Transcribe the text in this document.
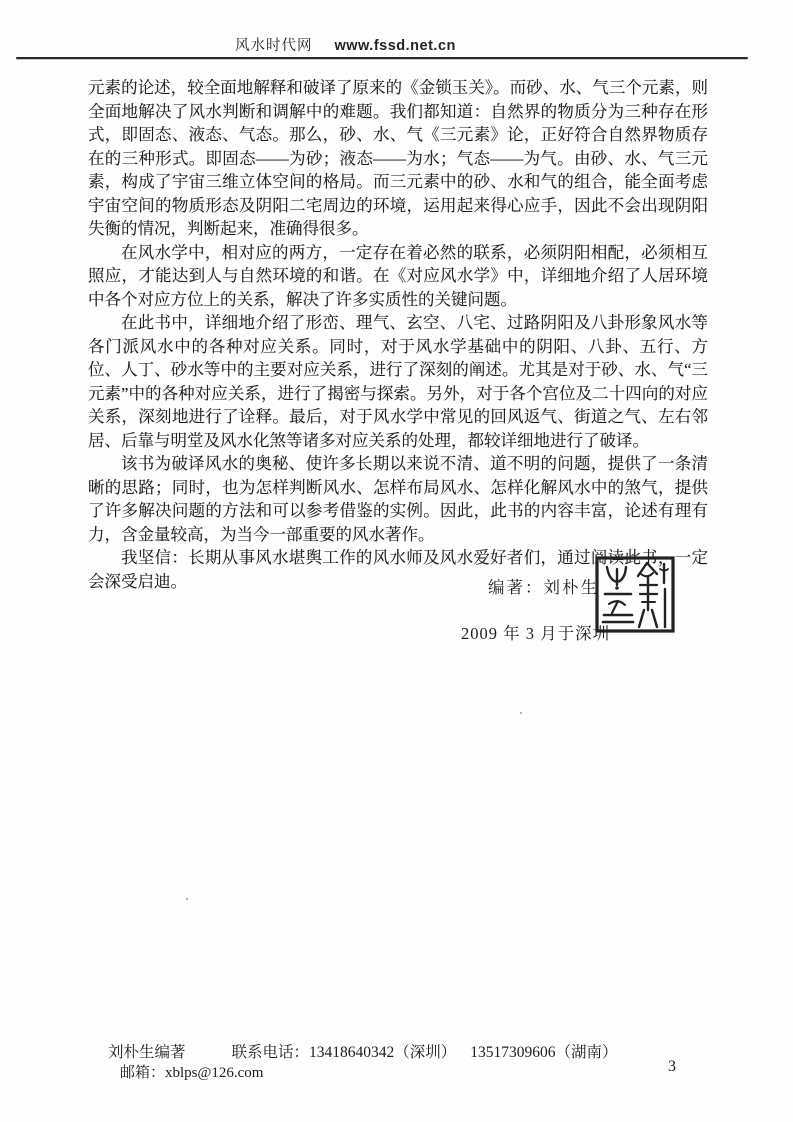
风水时代网 www.fssd.net.cn

元素的论述，较全面地解释和破译了原来的《金锁玉关》。而砂、水、气三个元素，则全面地解决了风水判断和调解中的难题。我们都知道：自然界的物质分为三种存在形式，即固态、液态、气态。那么，砂、水、气《三元素》论，正好符合自然界物质存在的三种形式。即固态——为砂；液态——为水；气态——为气。由砂、水、气三元素，构成了宇宙三维立体空间的格局。而三元素中的砂、水和气的组合，能全面考虑宇宙空间的物质形态及阴阳二宅周边的环境，运用起来得心应手，因此不会出现阴阳失衡的情况，判断起来，准确得很多。

在风水学中，相对应的两方，一定存在着必然的联系，必须阴阳相配，必须相互照应，才能达到人与自然环境的和谐。在《对应风水学》中，详细地介绍了人居环境中各个对应方位上的关系，解决了许多实质性的关键问题。

在此书中，详细地介绍了形峦、理气、玄空、八宅、过路阴阳及八卦形象风水等各门派风水中的各种对应关系。同时，对于风水学基础中的阴阳、八卦、五行、方位、人丁、砂水等中的主要对应关系，进行了深刻的阐述。尤其是对于砂、水、气“三元素”中的各种对应关系，进行了揭密与探索。另外，对于各个宫位及二十四向的对应关系，深刻地进行了诠释。最后，对于风水学中常见的回风返气、街道之气、左右邻居、后靠与明堂及风水化煞等诸多对应关系的处理，都较详细地进行了破译。

该书为破译风水的奥秘、使许多长期以来说不清、道不明的问题，提供了一条清晰的思路；同时，也为怎样判断风水、怎样布局风水、怎样化解风水中的煞气，提供了许多解决问题的方法和可以参考借鉴的实例。因此，此书的内容丰富，论述有理有力，含金量较高，为当今一部重要的风水著作。

我坚信：长期从事风水堪舆工作的风水师及风水爱好者们，通过阅读此书，一定会深受启迪。	编著：刘朴生
2009 年 3 月于深圳
刘朴生编著	联系电话：13418640342（深圳） 13517309606（湖南）
邮箱：xblps@126.com	3
